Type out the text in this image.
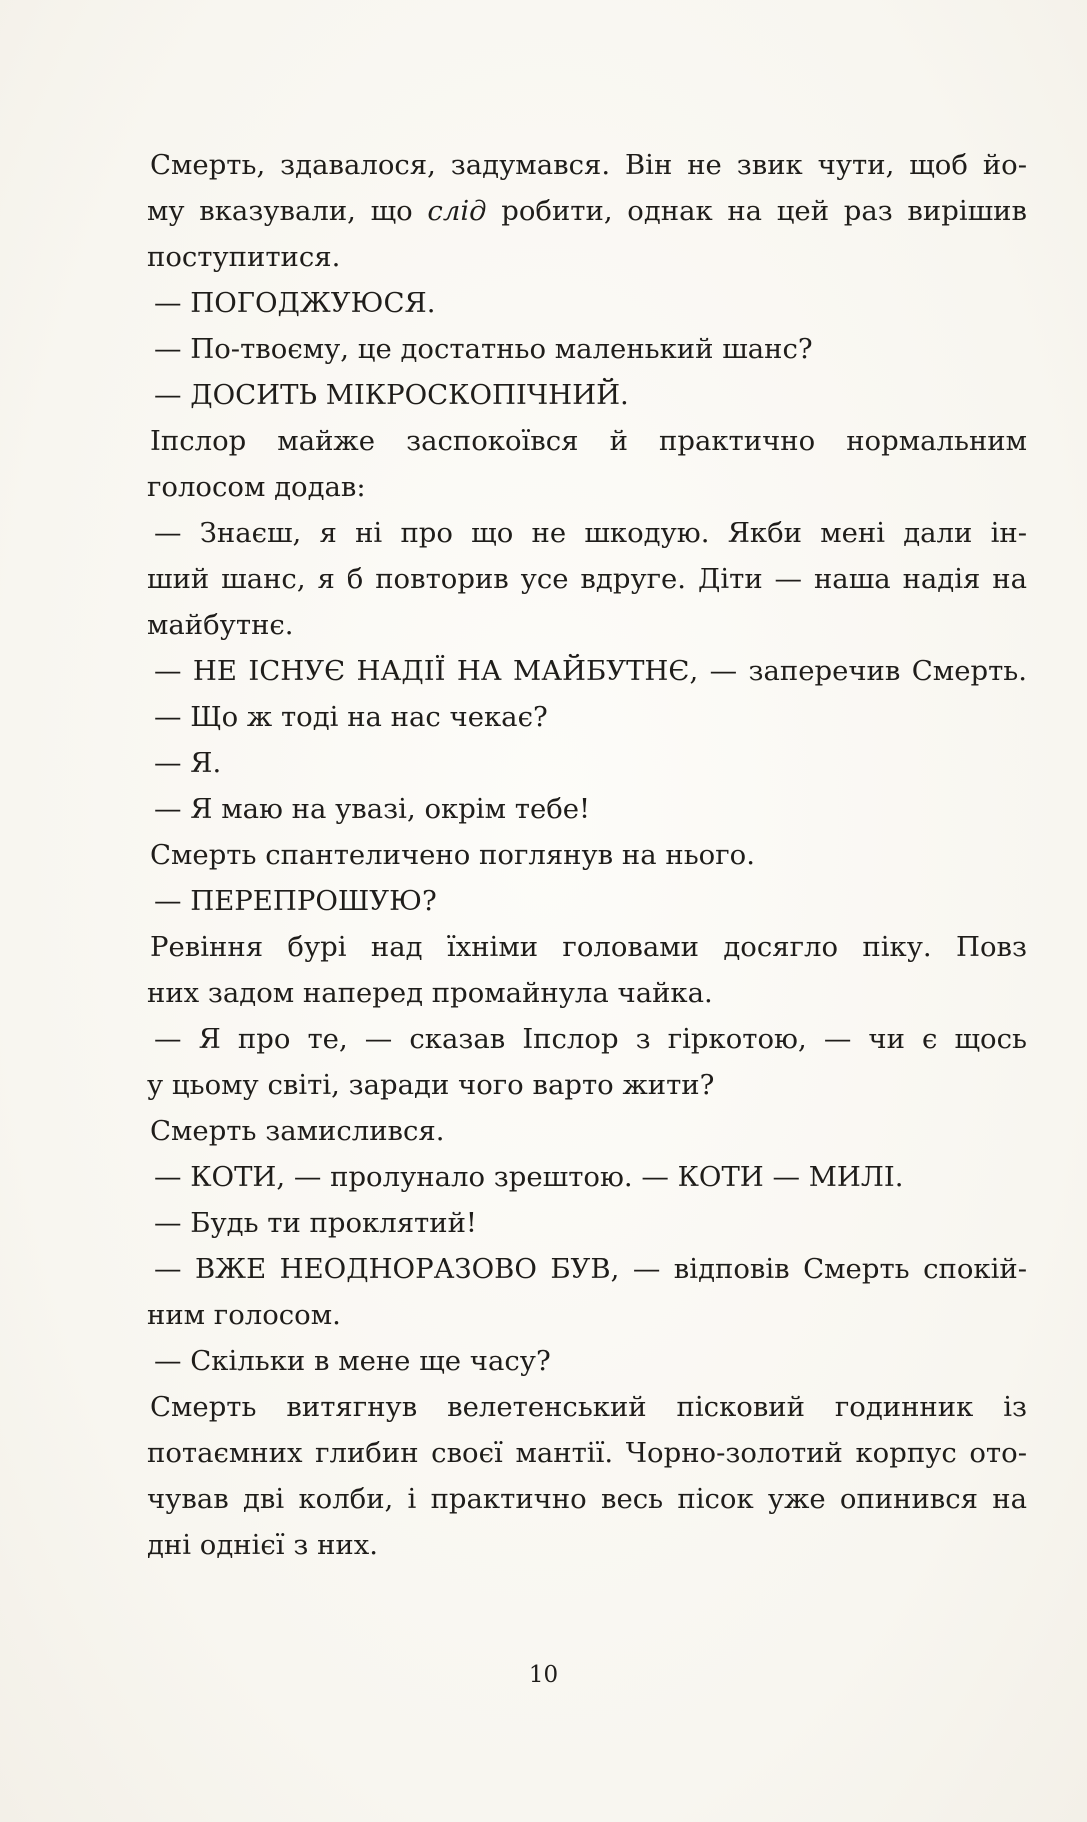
Смерть, здавалося, задумався. Він не звик чути, щоб йо-
му вказували, що слід робити, однак на цей раз вирішив
поступитися.
— ПОГОДЖУЮСЯ.
— По-твоєму, це достатньо маленький шанс?
— ДОСИТЬ МІКРОСКОПІЧНИЙ.
Іпслор майже заспокоївся й практично нормальним
голосом додав:
— Знаєш, я ні про що не шкодую. Якби мені дали ін-
ший шанс, я б повторив усе вдруге. Діти — наша надія на
майбутнє.
— НЕ ІСНУЄ НАДІЇ НА МАЙБУТНЄ, — заперечив Смерть.
— Що ж тоді на нас чекає?
— Я.
— Я маю на увазі, окрім тебе!
Смерть спантеличено поглянув на нього.
— ПЕРЕПРОШУЮ?
Ревіння бурі над їхніми головами досягло піку. Повз
них задом наперед промайнула чайка.
— Я про те, — сказав Іпслор з гіркотою, — чи є щось
у цьому світі, заради чого варто жити?
Смерть замислився.
— КОТИ, — пролунало зрештою. — КОТИ — МИЛІ.
— Будь ти проклятий!
— ВЖЕ НЕОДНОРАЗОВО БУВ, — відповів Смерть спокій-
ним голосом.
— Скільки в мене ще часу?
Смерть витягнув велетенський пісковий годинник із
потаємних глибин своєї мантії. Чорно-золотий корпус ото-
чував дві колби, і практично весь пісок уже опинився на
дні однієї з них.
10
